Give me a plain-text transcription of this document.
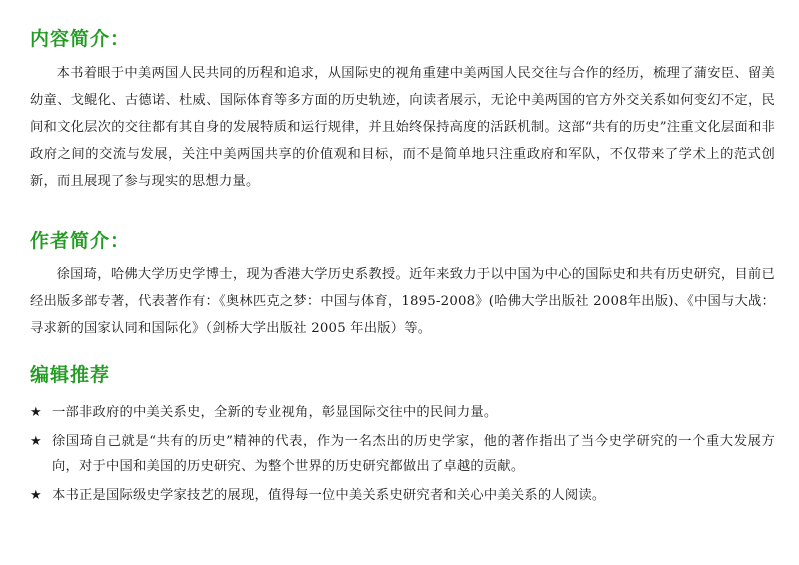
内容简介：

本书着眼于中美两国人民共同的历程和追求，从国际史的视角重建中美两国人民交往与合作的经历，梳理了蒲安臣、留美幼童、戈鲲化、古德诺、杜威、国际体育等多方面的历史轨迹，向读者展示，无论中美两国的官方外交关系如何变幻不定，民间和文化层次的交往都有其自身的发展特质和运行规律，并且始终保持高度的活跃机制。这部“共有的历史”注重文化层面和非政府之间的交流与发展，关注中美两国共享的价值观和目标，而不是简单地只注重政府和军队，不仅带来了学术上的范式创新，而且展现了参与现实的思想力量。

作者简介：

徐国琦，哈佛大学历史学博士，现为香港大学历史系教授。近年来致力于以中国为中心的国际史和共有历史研究，目前已经出版多部专著，代表著作有：《奥林匹克之梦：中国与体育，1895-2008》(哈佛大学出版社 2008年出版)、《中国与大战：寻求新的国家认同和国际化》（剑桥大学出版社 2005 年出版）等。

编辑推荐
★ 一部非政府的中美关系史，全新的专业视角，彰显国际交往中的民间力量。
★ 徐国琦自己就是“共有的历史”精神的代表，作为一名杰出的历史学家，他的著作指出了当今史学研究的一个重大发展方向，对于中国和美国的历史研究、为整个世界的历史研究都做出了卓越的贡献。
★ 本书正是国际级史学家技艺的展现，值得每一位中美关系史研究者和关心中美关系的人阅读。
